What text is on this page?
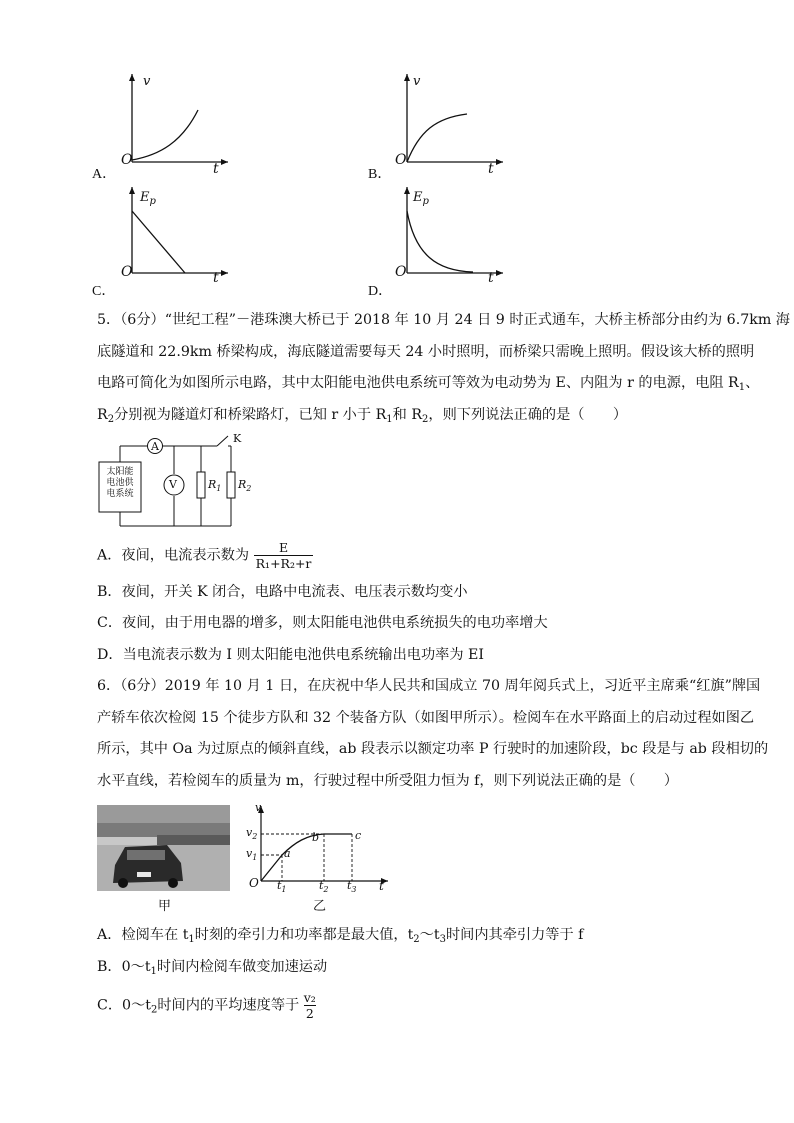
v
O
t
A．
v
O
t
B．
$E_p$
O	t
C．
$E_p$
O	t
D．
5．（6分）“世纪工程”－港珠澳大桥已于 2018 年 10 月 24 日 9 时正式通车，大桥主桥部分由约为 6.7km 海
底隧道和 22.9km 桥梁构成，海底隧道需要每天 24 小时照明，而桥梁只需晚上照明。假设该大桥的照明
电路可简化为如图所示电路，其中太阳能电池供电系统可等效为电动势为 E、内阻为 r 的电源，电阻 $R_1$、
$R_2$分别视为隧道灯和桥梁路灯，已知 r 小于 $R_1$和 $R_2$，则下列说法正确的是（　　）
A
V
太阳能
电池供
电系统
$R_1$ $R_2$
K
A．夜间，电流表示数为 $\frac{E}{\text{R₁+R₂+r}}$
B．夜间，开关 K 闭合，电路中电流表、电压表示数均变小
C．夜间，由于用电器的增多，则太阳能电池供电系统损失的电功率增大
D．当电流表示数为 I 则太阳能电池供电系统输出电功率为 EI
6．（6分）2019 年 10 月 1 日，在庆祝中华人民共和国成立 70 周年阅兵式上，习近平主席乘“红旗”牌国
产轿车依次检阅 15 个徒步方队和 32 个装备方队（如图甲所示）。检阅车在水平路面上的启动过程如图乙
所示，其中 Oa 为过原点的倾斜直线，ab 段表示以额定功率 P 行驶时的加速阶段，bc 段是与 ab 段相切的
水平直线，若检阅车的质量为 m，行驶过程中所受阻力恒为 f，则下列说法正确的是（　　）
甲
v
$v_2$
$v_1$
O	t
$t_1$	$t_2$ $t_3$
a
b	c
乙
A．检阅车在 $t_1$时刻的牵引力和功率都是最大值，$t_2\sim t_3$时间内其牵引力等于 f
B．$0\sim t_1$时间内检阅车做变加速运动
C．$0\sim t_2$时间内的平均速度等于 $\frac{\text{v₂}}{2}$
